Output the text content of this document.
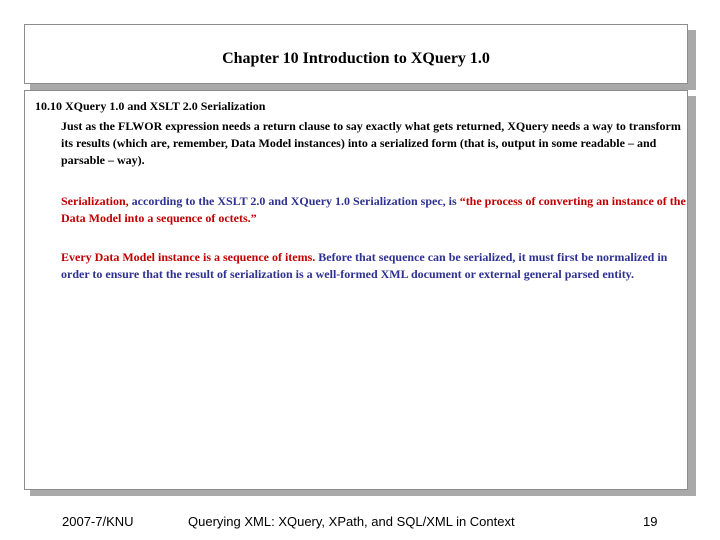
Chapter 10 Introduction to XQuery 1.0
10.10 XQuery 1.0 and XSLT 2.0 Serialization
Just as the FLWOR expression needs a return clause to say exactly what gets returned, XQuery needs a way to transform its results (which are, remember, Data Model instances) into a serialized form (that is, output in some readable – and parsable – way).
Serialization, according to the XSLT 2.0 and XQuery 1.0 Serialization spec, is “the process of converting an instance of the Data Model into a sequence of octets.”
Every Data Model instance is a sequence of items. Before that sequence can be serialized, it must first be normalized in order to ensure that the result of serialization is a well-formed XML document or external general parsed entity.
2007-7/KNU	Querying XML: XQuery, XPath, and SQL/XML in Context	19
